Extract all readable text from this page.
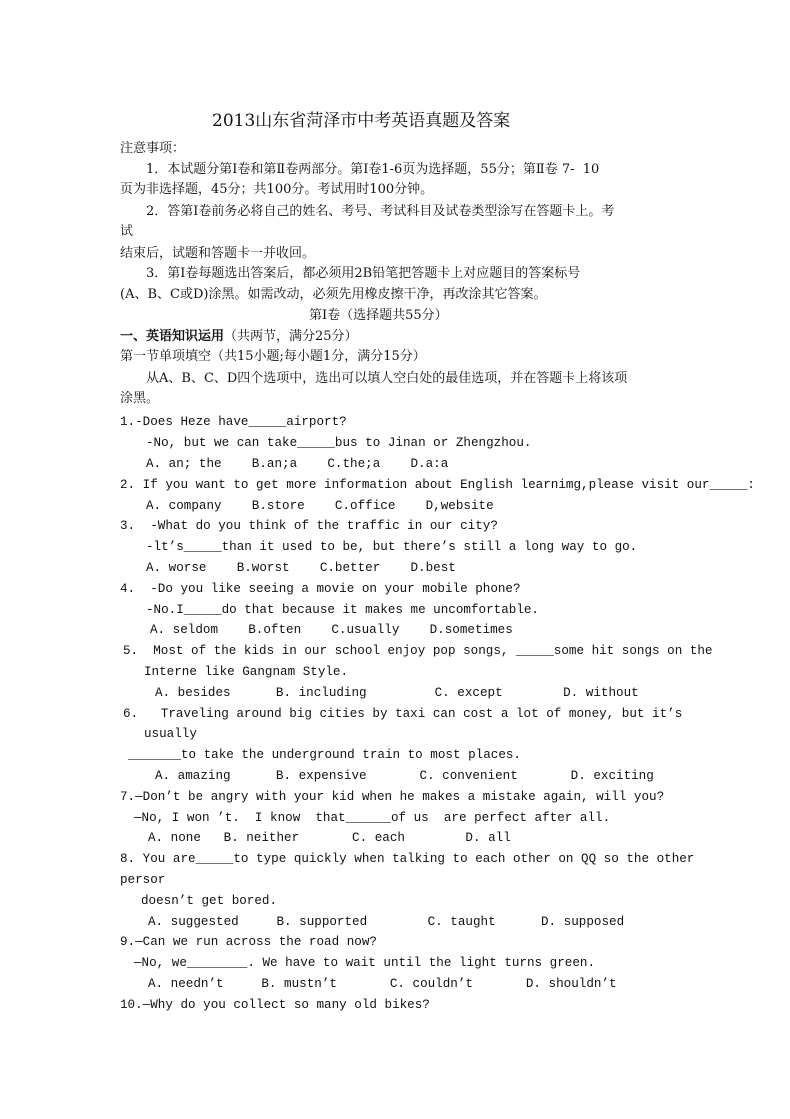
2013山东省菏泽市中考英语真题及答案
注意事项：
1．本试题分第Ⅰ卷和第Ⅱ卷两部分。第Ⅰ卷1-6页为选择题，55分；第Ⅱ卷 7-  10
页为非选择题，45分；共100分。考试用时100分钟。
2．答第Ⅰ卷前务必将自己的姓名、考号、考试科目及试卷类型涂写在答题卡上。考
试
结束后，试题和答题卡一并收回。
3．第Ⅰ卷每题选出答案后，都必须用2B铅笔把答题卡上对应题目的答案标号
(A、B、C或D)涂黑。如需改动，必须先用橡皮擦干净，再改涂其它答案。
第Ⅰ卷（选择题共55分）
一、英语知识运用（共两节，满分25分）
第一节单项填空（共15小题;每小题1分，满分15分）
从A、B、C、D四个选项中，选出可以填人空白处的最佳选项，并在答题卡上将该项
涂黑。
1.-Does Heze have_____airport?
-No, but we can take_____bus to Jinan or Zhengzhou.
A. an; the    B.an;a    C.the;a    D.a:a
2. If you want to get more information about English learnimg,please visit our_____:
A. company    B.store    C.office    D,website
3.  -What do you think of the traffic in our city?
-lt’s_____than it used to be, but there’s still a long way to go.
A. worse    B.worst    C.better    D.best
4.  -Do you like seeing a movie on your mobile phone?
-No.I_____do that because it makes me uncomfortable.
A. seldom    B.often    C.usually    D.sometimes
5.  Most of the kids in our school enjoy pop songs, _____some hit songs on the
Interne like Gangnam Style.
A. besides      B. including         C. except        D. without
6.   Traveling around big cities by taxi can cost a lot of money, but it’s
usually
_______to take the underground train to most places.
A. amazing      B. expensive       C. convenient       D. exciting
7.—Don’t be angry with your kid when he makes a mistake again, will you?
—No, I won ’t.  I know  that______of us  are perfect after all.
A. none   B. neither       C. each        D. all
8. You are_____to type quickly when talking to each other on QQ so the other
persor
doesn’t get bored.
A. suggested     B. supported        C. taught      D. supposed
9.—Can we run across the road now?
—No, we________. We have to wait until the light turns green.
A. needn’t     B. mustn’t       C. couldn’t       D. shouldn’t
10.—Why do you collect so many old bikes?
